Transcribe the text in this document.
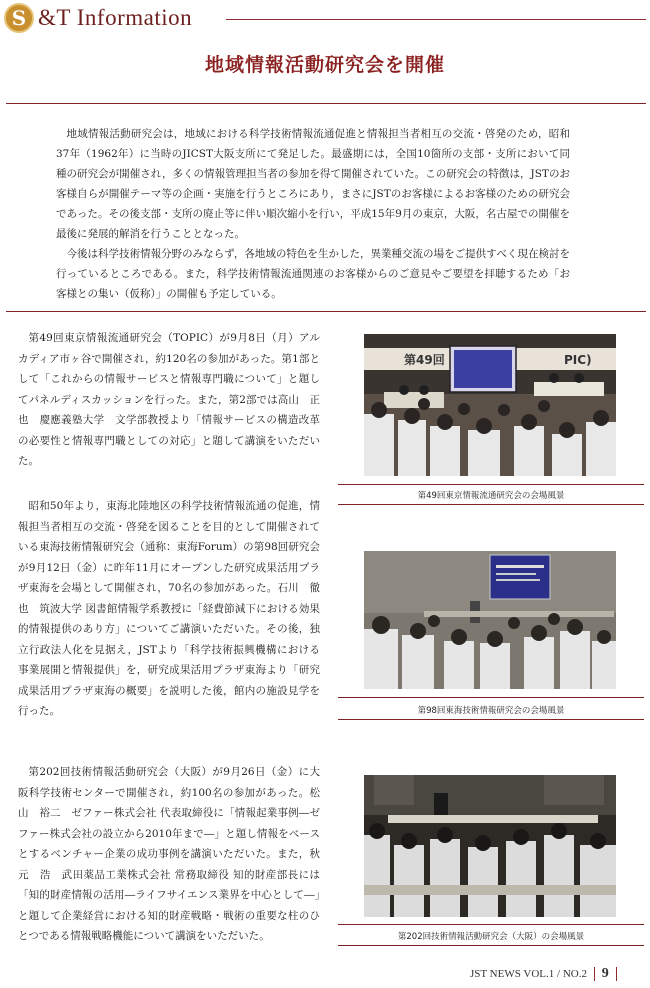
S &T Information
地域情報活動研究会を開催

地域情報活動研究会は，地域における科学技術情報流通促進と情報担当者相互の交流・啓発のため，昭和37年（1962年）に当時のJICST大阪支所にて発足した。最盛期には，全国10箇所の支部・支所において同種の研究会が開催され，多くの情報管理担当者の参加を得て開催されていた。この研究会の特徴は，JSTのお客様自らが開催テーマ等の企画・実施を行うところにあり，まさにJSTのお客様によるお客様のための研究会であった。その後支部・支所の廃止等に伴い順次縮小を行い，平成15年9月の東京，大阪，名古屋での開催を最後に発展的解消を行うこととなった。

今後は科学技術情報分野のみならず，各地域の特色を生かした，異業種交流の場をご提供すべく現在検討を行っているところである。また，科学技術情報流通関連のお客様からのご意見やご要望を拝聴するため「お客様との集い（仮称）」の開催も予定している。

第49回東京情報流通研究会（TOPIC）が9月8日（月）アルカディア市ヶ谷で開催され，約120名の参加があった。第1部として「これからの情報サービスと情報専門職について」と題してパネルディスカッションを行った。また，第2部では高山　正也　慶應義塾大学　文学部教授より「情報サービスの構造改革の必要性と情報専門職としての対応」と題して講演をいただいた。

第49回	PIC)
第49回東京情報流通研究会の会場風景

昭和50年より，東海北陸地区の科学技術情報流通の促進，情報担当者相互の交流・啓発を図ることを目的として開催されている東海技術情報研究会（通称：東海Forum）の第98回研究会が9月12日（金）に昨年11月にオープンした研究成果活用プラザ東海を会場として開催され，70名の参加があった。石川　徹也　筑波大学 図書館情報学系教授に「経費節減下における効果的情報提供のあり方」についてご講演いただいた。その後，独立行政法人化を見据え，JSTより「科学技術振興機構における事業展開と情報提供」を，研究成果活用プラザ東海より「研究成果活用プラザ東海の概要」を説明した後，館内の施設見学を行った。	第98回東海技術情報研究会の会場風景

第202回技術情報活動研究会（大阪）が9月26日（金）に大阪科学技術センターで開催され，約100名の参加があった。松山　裕二　ゼファー株式会社 代表取締役に「情報起業事例―ゼファー株式会社の設立から2010年まで―」と題し情報をベースとするベンチャー企業の成功事例を講演いただいた。また，秋元　浩　武田薬品工業株式会社 常務取締役 知的財産部長には「知的財産情報の活用―ライフサイエンス業界を中心として―」と題して企業経営における知的財産戦略・戦術の重要な柱のひとつである情報戦略機能について講演をいただいた。	第202回技術情報活動研究会（大阪）の会場風景
JST NEWS VOL.1 / NO.2 9
